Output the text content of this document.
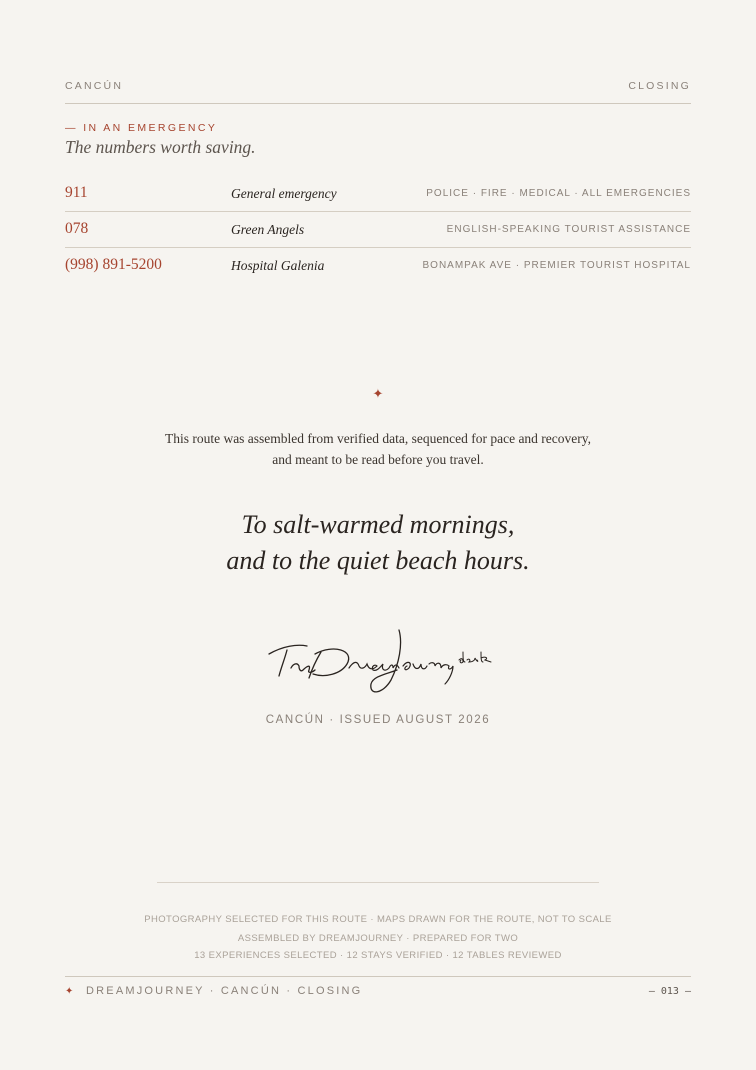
CANCÚN	CLOSING
— IN AN EMERGENCY
The numbers worth saving.
911	General emergency	POLICE · FIRE · MEDICAL · ALL EMERGENCIES
078	Green Angels	ENGLISH-SPEAKING TOURIST ASSISTANCE
(998) 891-5200	Hospital Galenia	BONAMPAK AVE · PREMIER TOURIST HOSPITAL
✦
This route was assembled from verified data, sequenced for pace and recovery, and meant to be read before you travel.
To salt-warmed mornings,
and to the quiet beach hours.
CANCÚN · ISSUED AUGUST 2026
PHOTOGRAPHY SELECTED FOR THIS ROUTE · MAPS DRAWN FOR THE ROUTE, NOT TO SCALE
ASSEMBLED BY DREAMJOURNEY · PREPARED FOR TWO
13 EXPERIENCES SELECTED · 12 STAYS VERIFIED · 12 TABLES REVIEWED
✦ DREAMJOURNEY · CANCÚN · CLOSING	— 013 —
